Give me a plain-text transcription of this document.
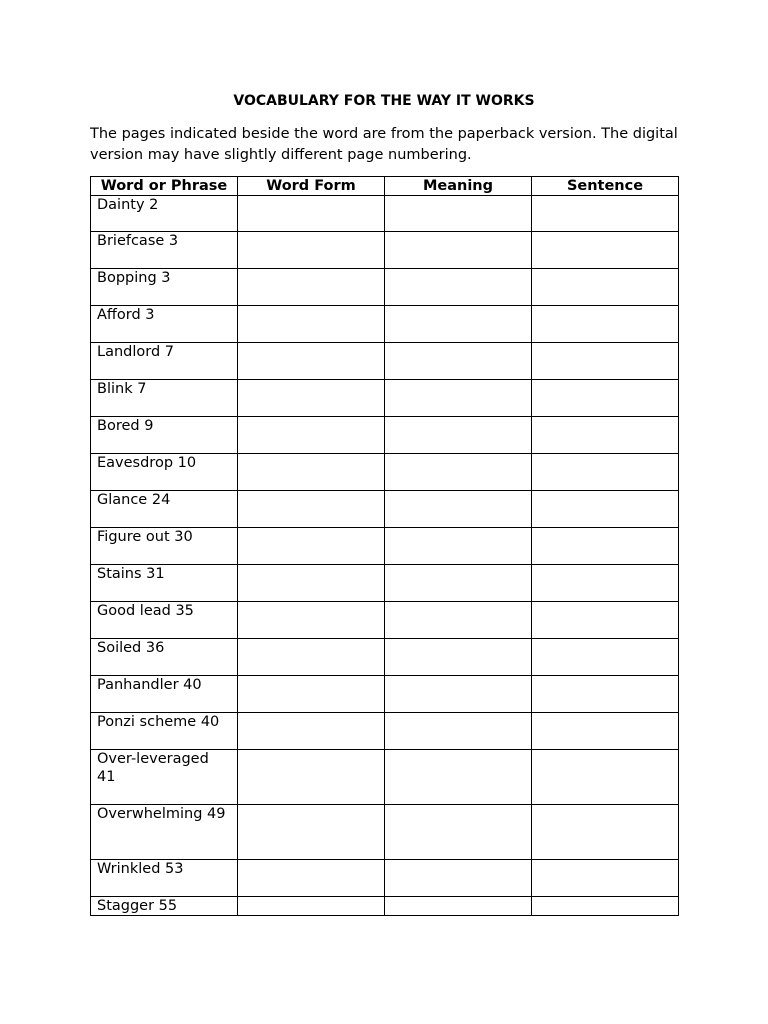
VOCABULARY FOR THE WAY IT WORKS
The pages indicated beside the word are from the paperback version. The digital version may have slightly different page numbering.
Word or Phrase	Word Form	Meaning	Sentence
Dainty 2			
Briefcase 3			
Bopping 3			
Afford 3			
Landlord 7			
Blink 7			
Bored 9			
Eavesdrop 10			
Glance 24			
Figure out 30			
Stains 31			
Good lead 35			
Soiled 36			
Panhandler 40			
Ponzi scheme 40			
Over-leveraged 41			
Overwhelming 49			
Wrinkled 53			
Stagger 55			
